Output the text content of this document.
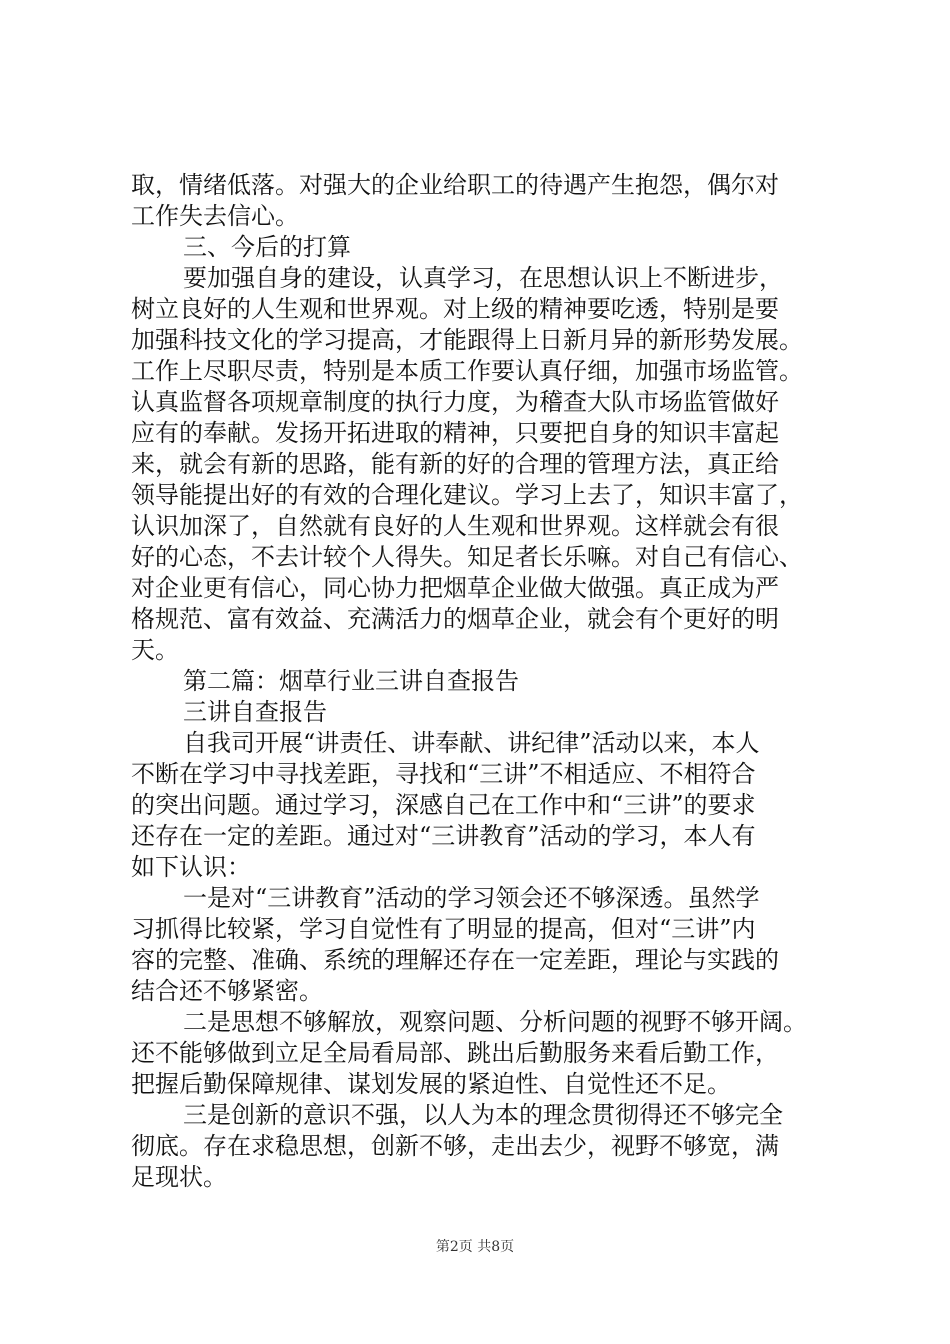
取，情绪低落。对强大的企业给职工的待遇产生抱怨，偶尔对
工作失去信心。
三、今后的打算
要加强自身的建设，认真学习，在思想认识上不断进步，
树立良好的人生观和世界观。对上级的精神要吃透，特别是要
加强科技文化的学习提高，才能跟得上日新月异的新形势发展。
工作上尽职尽责，特别是本质工作要认真仔细，加强市场监管。
认真监督各项规章制度的执行力度，为稽查大队市场监管做好
应有的奉献。发扬开拓进取的精神，只要把自身的知识丰富起
来，就会有新的思路，能有新的好的合理的管理方法，真正给
领导能提出好的有效的合理化建议。学习上去了，知识丰富了，
认识加深了，自然就有良好的人生观和世界观。这样就会有很
好的心态，不去计较个人得失。知足者长乐嘛。对自己有信心、
对企业更有信心，同心协力把烟草企业做大做强。真正成为严
格规范、富有效益、充满活力的烟草企业，就会有个更好的明
天。
第二篇：烟草行业三讲自查报告
三讲自查报告
自我司开展“讲责任、讲奉献、讲纪律”活动以来，本人
不断在学习中寻找差距，寻找和“三讲”不相适应、不相符合
的突出问题。通过学习，深感自己在工作中和“三讲”的要求
还存在一定的差距。通过对“三讲教育”活动的学习，本人有
如下认识：
一是对“三讲教育”活动的学习领会还不够深透。虽然学
习抓得比较紧，学习自觉性有了明显的提高，但对“三讲”内
容的完整、准确、系统的理解还存在一定差距，理论与实践的
结合还不够紧密。
二是思想不够解放，观察问题、分析问题的视野不够开阔。
还不能够做到立足全局看局部、跳出后勤服务来看后勤工作，
把握后勤保障规律、谋划发展的紧迫性、自觉性还不足。
三是创新的意识不强，以人为本的理念贯彻得还不够完全
彻底。存在求稳思想，创新不够，走出去少，视野不够宽，满
足现状。
第2页 共8页
